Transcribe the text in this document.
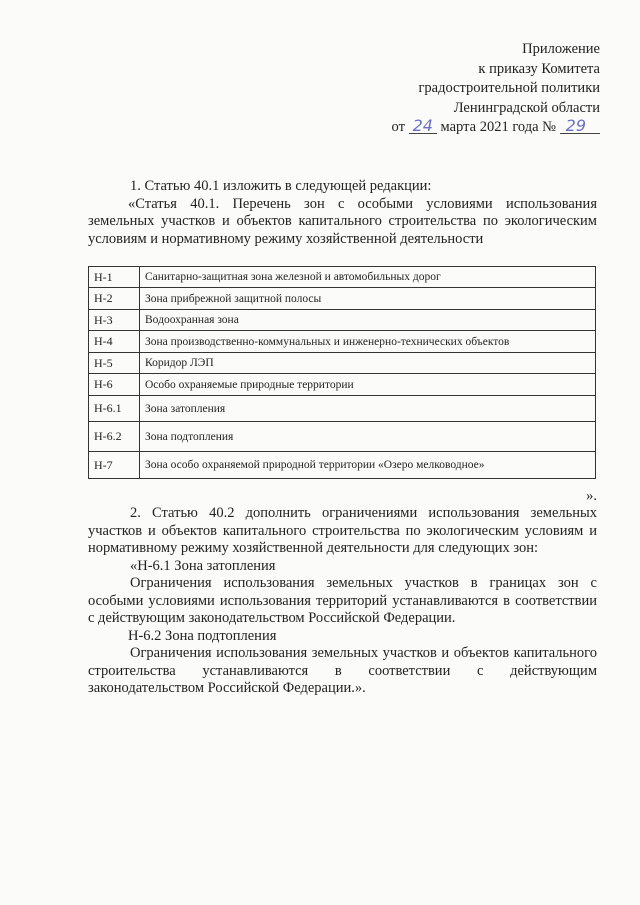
Приложение
к приказу Комитета
градостроительной политики
Ленинградской области
от 24 марта 2021 года № 29

1. Статью 40.1 изложить в следующей редакции:

«Статья 40.1. Перечень зон с особыми условиями использования земельных участков и объектов капитального строительства по экологическим условиям и нормативному режиму хозяйственной деятельности

Н-1	Санитарно-защитная зона железной и автомобильных дорог
Н-2	Зона прибрежной защитной полосы
Н-3	Водоохранная зона
Н-4	Зона производственно-коммунальных и инженерно-технических объектов
Н-5	Коридор ЛЭП
Н-6	Особо охраняемые природные территории
Н-6.1	Зона затопления
Н-6.2	Зона подтопления
Н-7	Зона особо охраняемой природной территории «Озеро мелководное»

».

2. Статью 40.2 дополнить ограничениями использования земельных участков и объектов капитального строительства по экологическим условиям и нормативному режиму хозяйственной деятельности для следующих зон:

«Н-6.1 Зона затопления

Ограничения использования земельных участков в границах зон с особыми условиями использования территорий устанавливаются в соответствии с действующим законодательством Российской Федерации.

Н-6.2 Зона подтопления

Ограничения использования земельных участков и объектов капитального строительства устанавливаются в соответствии с действующим законодательством Российской Федерации.».
